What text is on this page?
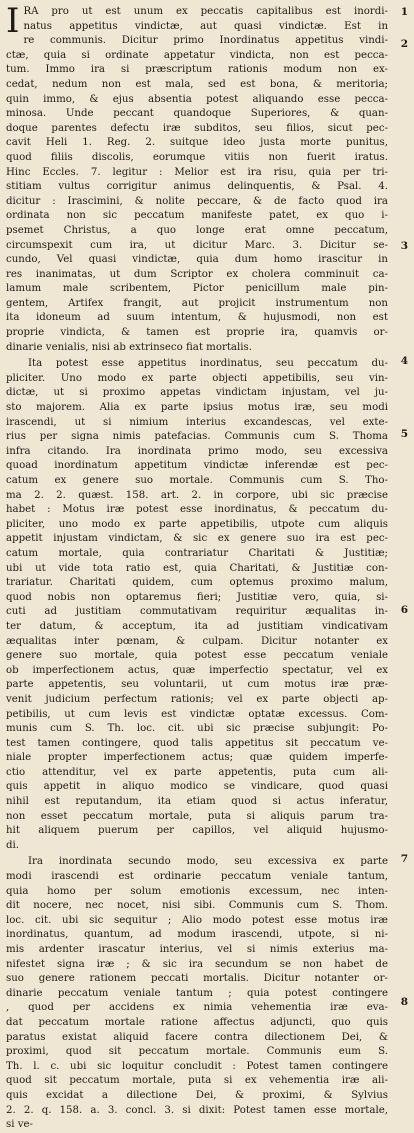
I RA pro ut est unum ex peccatis capitalibus est inordi-
natus appetitus vindictæ, aut quasi vindictæ. Est in
re communis. Dicitur primo Inordinatus appetitus vindi-
ctæ, quia si ordinate appetatur vindicta, non est pecca-
tum. Immo ira si præscriptum rationis modum non ex-
cedat, nedum non est mala, sed est bona, & meritoria;
quin immo, & ejus absentia potest aliquando esse pecca-
minosa. Unde peccant quandoque Superiores, & quan-
doque parentes defectu iræ subditos, seu filios, sicut pec-
cavit Heli 1. Reg. 2. suitque ideo justa morte punitus,
quod filiis discolis, eorumque vitiis non fuerit iratus.
Hinc Eccles. 7. legitur : Melior est ira risu, quia per tri-
stitiam vultus corrigitur animus delinquentis, & Psal. 4.
dicitur : Irascimini, & nolite peccare, & de facto quod ira
ordinata non sic peccatum manifeste patet, ex quo i-
psemet Christus, a quo longe erat omne peccatum,
circumspexit cum ira, ut dicitur Marc. 3. Dicitur se-
cundo, Vel quasi vindictæ, quia dum homo irascitur in
res inanimatas, ut dum Scriptor ex cholera comminuit ca-
lamum male scribentem, Pictor penicillum male pin-
gentem, Artifex frangit, aut projicit instrumentum non
ita idoneum ad suum intentum, & hujusmodi, non est
proprie vindicta, & tamen est proprie ira, quamvis or-
dinarie venialis, nisi ab extrinseco fiat mortalis.
Ita potest esse appetitus inordinatus, seu peccatum du-
pliciter. Uno modo ex parte objecti appetibilis, seu vin-
dictæ, ut si proximo appetas vindictam injustam, vel ju-
sto majorem. Alia ex parte ipsius motus iræ, seu modi
irascendi, ut si nimium interius excandescas, vel exte-
rius per signa nimis patefacias. Communis cum S. Thoma
infra citando. Ira inordinata primo modo, seu excessiva
quoad inordinatum appetitum vindictæ inferendæ est pec-
catum ex genere suo mortale. Communis cum S. Tho-
ma 2. 2. quæst. 158. art. 2. in corpore, ubi sic præcise
habet : Motus iræ potest esse inordinatus, & peccatum du-
pliciter, uno modo ex parte appetibilis, utpote cum aliquis
appetit injustam vindictam, & sic ex genere suo ira est pec-
catum mortale, quia contrariatur Charitati & Justitiæ;
ubi ut vide tota ratio est, quia Charitati, & Justitiæ con-
trariatur. Charitati quidem, cum optemus proximo malum,
quod nobis non optaremus fieri; Justitiæ vero, quia, si-
cuti ad justitiam commutativam requiritur æqualitas in-
ter datum, & acceptum, ita ad justitiam vindicativam
æqualitas inter pœnam, & culpam. Dicitur notanter ex
genere suo mortale, quia potest esse peccatum veniale
ob imperfectionem actus, quæ imperfectio spectatur, vel ex
parte appetentis, seu voluntarii, ut cum motus iræ præ-
venit judicium perfectum rationis; vel ex parte objecti ap-
petibilis, ut cum levis est vindictæ optatæ excessus. Com-
munis cum S. Th. loc. cit. ubi sic præcise subjungit: Po-
test tamen contingere, quod talis appetitus sit peccatum ve-
niale propter imperfectionem actus; quæ quidem imperfe-
ctio attenditur, vel ex parte appetentis, puta cum ali-
quis appetit in aliquo modico se vindicare, quod quasi
nihil est reputandum, ita etiam quod si actus inferatur,
non esset peccatum mortale, puta si aliquis parum tra-
hit aliquem puerum per capillos, vel aliquid hujusmo-
di.
Ira inordinata secundo modo, seu excessiva ex parte
modi irascendi est ordinarie peccatum veniale tantum,
quia homo per solum emotionis excessum, nec inten-
dit nocere, nec nocet, nisi sibi. Communis cum S. Thom.
loc. cit. ubi sic sequitur ; Alio modo potest esse motus iræ
inordinatus, quantum, ad modum irascendi, utpote, si ni-
mis ardenter irascatur interius, vel si nimis exterius ma-
nifestet signa iræ ; & sic ira secundum se non habet de
suo genere rationem peccati mortalis. Dicitur notanter or-
dinarie peccatum veniale tantum ; quia potest contingere
, quod per accidens ex nimia vehementia iræ eva-
dat peccatum mortale ratione affectus adjuncti, quo quis
paratus existat aliquid facere contra dilectionem Dei, &
proximi, quod sit peccatum mortale. Communis eum S.
Th. l. c. ubi sic loquitur concludit : Potest tamen contingere
quod sit peccatum mortale, puta si ex vehementia iræ ali-
quis excidat a dilectione Dei, & proximi, & Sylvius
2. 2. q. 158. a. 3. concl. 3. si dixit: Potest tamen esse mortale,
si ve-
1
2
3
4
5
6
7
8
